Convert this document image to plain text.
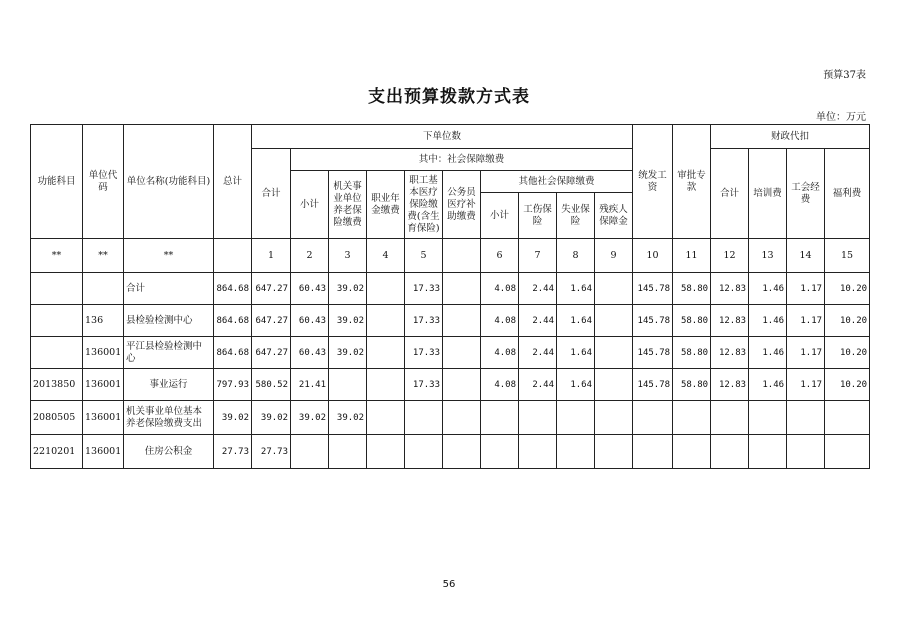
预算37表
支出预算拨款方式表
单位：万元
功能科目	单位代码	单位名称(功能科目)	总计	下单位数										统发工资	审批专款	财政代扣			
				合计	其中：社会保障缴费											合计	培训费	工会经费	福利费
					小计	机关事业单位养老保险缴费	职业年金缴费	职工基本医疗保险缴费(含生育保险)	公务员医疗补助缴费	其他社会保障缴费									
										小计	工伤保险	失业保险	残疾人保障金						
**	**	**		1	2	3	4	5		6	7	8	9	10	11	12	13	14	15
		合计	864.68	647.27	60.43	39.02		17.33		4.08	2.44	1.64		145.78	58.80	12.83	1.46	1.17	10.20
	136	县检验检测中心	864.68	647.27	60.43	39.02		17.33		4.08	2.44	1.64		145.78	58.80	12.83	1.46	1.17	10.20
	136001	平江县检验检测中心	864.68	647.27	60.43	39.02		17.33		4.08	2.44	1.64		145.78	58.80	12.83	1.46	1.17	10.20
2013850	136001	事业运行	797.93	580.52	21.41			17.33		4.08	2.44	1.64		145.78	58.80	12.83	1.46	1.17	10.20
2080505	136001	机关事业单位基本养老保险缴费支出	39.02	39.02	39.02	39.02													
2210201	136001	住房公积金	27.73	27.73															
56
